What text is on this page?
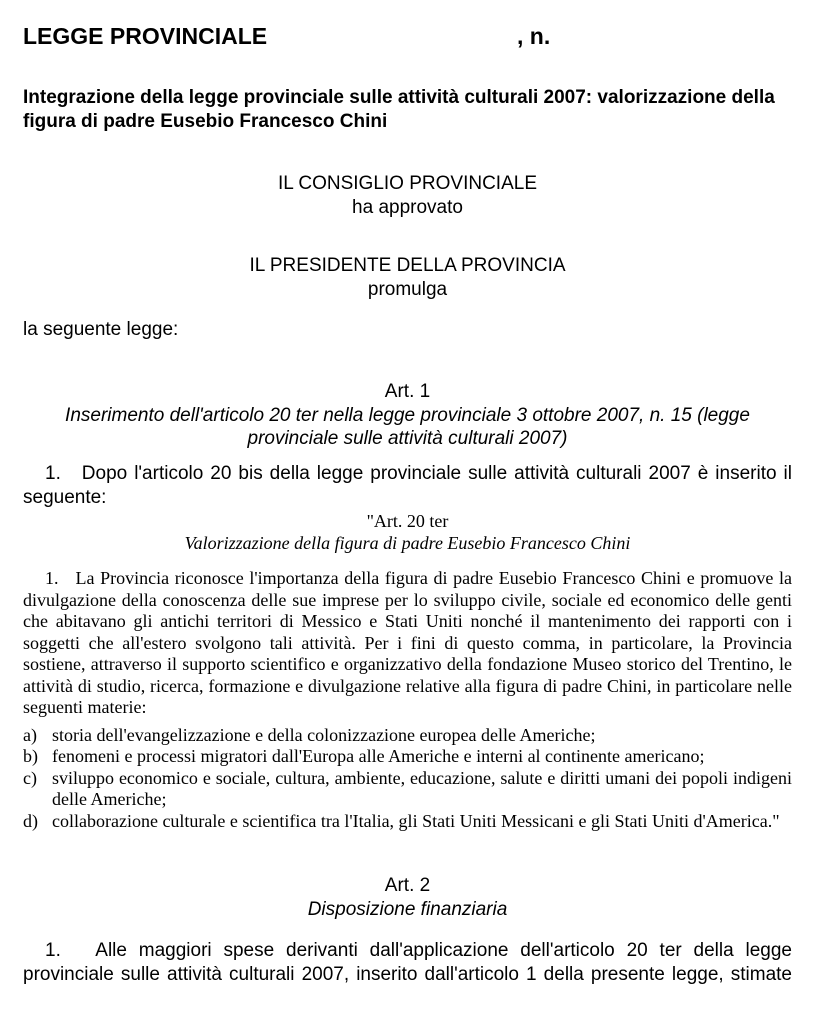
LEGGE PROVINCIALE	, n.
Integrazione della legge provinciale sulle attività culturali 2007: valorizzazione della figura di padre Eusebio Francesco Chini
IL CONSIGLIO PROVINCIALE
ha approvato
IL PRESIDENTE DELLA PROVINCIA
promulga
la seguente legge:
Art. 1
Inserimento dell'articolo 20 ter nella legge provinciale 3 ottobre 2007, n. 15 (legge provinciale sulle attività culturali 2007)
1.   Dopo l'articolo 20 bis della legge provinciale sulle attività culturali 2007 è inserito il seguente:
"Art. 20 ter
Valorizzazione della figura di padre Eusebio Francesco Chini
1.   La Provincia riconosce l'importanza della figura di padre Eusebio Francesco Chini e promuove la divulgazione della conoscenza delle sue imprese per lo sviluppo civile, sociale ed economico delle genti che abitavano gli antichi territori di Messico e Stati Uniti nonché il mantenimento dei rapporti con i soggetti che all'estero svolgono tali attività. Per i fini di questo comma, in particolare, la Provincia sostiene, attraverso il supporto scientifico e organizzativo della fondazione Museo storico del Trentino, le attività di studio, ricerca, formazione e divulgazione relative alla figura di padre Chini, in particolare nelle seguenti materie:
a) storia dell'evangelizzazione e della colonizzazione europea delle Americhe;
b) fenomeni e processi migratori dall'Europa alle Americhe e interni al continente americano;
c) sviluppo economico e sociale, cultura, ambiente, educazione, salute e diritti umani dei popoli indigeni delle Americhe;
d) collaborazione culturale e scientifica tra l'Italia, gli Stati Uniti Messicani e gli Stati Uniti d'America."
Art. 2
Disposizione finanziaria
1.   Alle maggiori spese derivanti dall'applicazione dell'articolo 20 ter della legge provinciale sulle attività culturali 2007, inserito dall'articolo 1 della presente legge, stimate
